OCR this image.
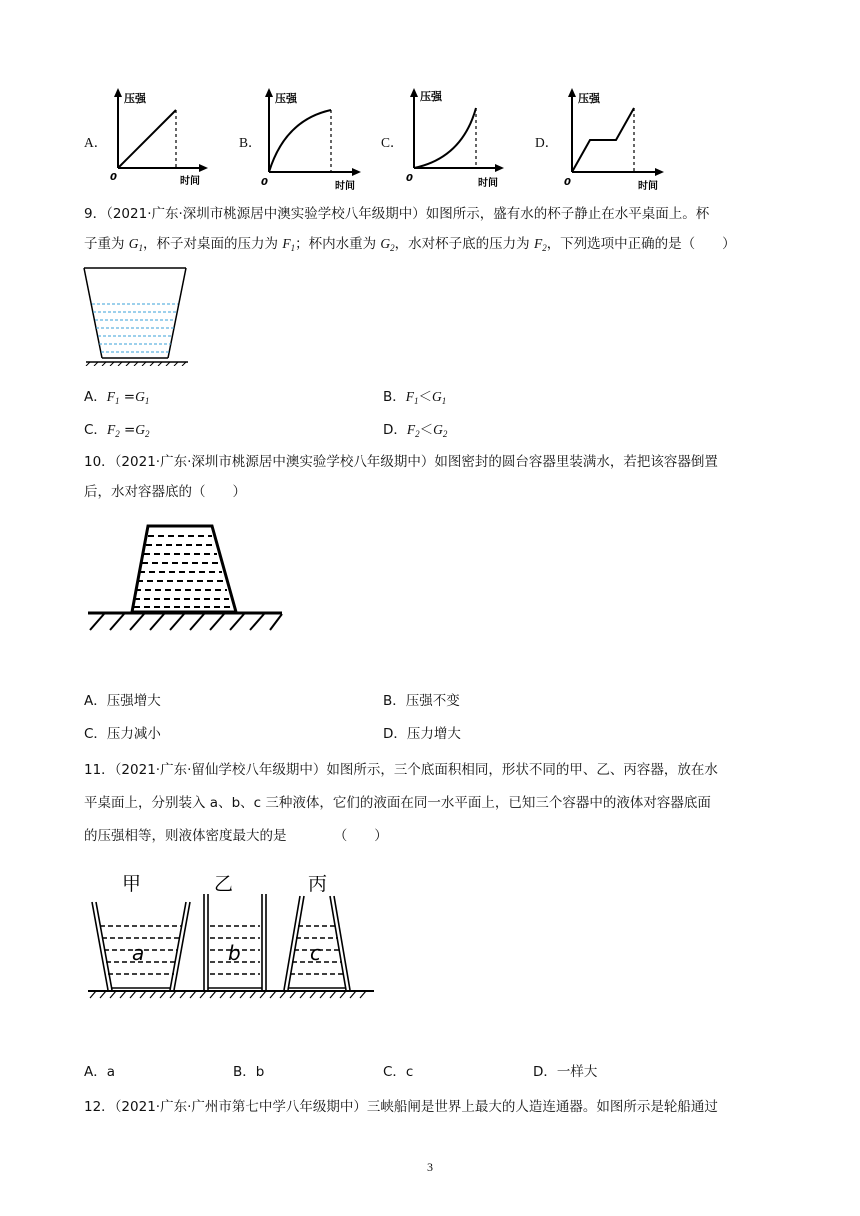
A．	B．	C．	D．
压强
0	时间
压强
0	时间
压强
0	时间
压强
0	时间
9．（2021·广东·深圳市桃源居中澳实验学校八年级期中）如图所示，盛有水的杯子静止在水平桌面上。杯
子重为 $G_1$，杯子对桌面的压力为 $F_1$；杯内水重为 $G_2$，水对杯子底的压力为 $F_2$，下列选项中正确的是（　　）
A．$F_1 =G_1$	B．$F_1<G_1$
C．$F_2 =G_2$	D．$F_2<G_2$
10．（2021·广东·深圳市桃源居中澳实验学校八年级期中）如图密封的圆台容器里装满水，若把该容器倒置
后，水对容器底的（　　）
A．压强增大	B．压强不变
C．压力减小	D．压力增大
11．（2021·广东·留仙学校八年级期中）如图所示，三个底面积相同，形状不同的甲、乙、丙容器，放在水
平桌面上，分别装入 a、b、c 三种液体，它们的液面在同一水平面上，已知三个容器中的液体对容器底面
的压强相等，则液体密度最大的是　　　　（　　）
甲	乙	丙
a	b	c
A．a	B．b	C．c	D．一样大
12．（2021·广东·广州市第七中学八年级期中）三峡船闸是世界上最大的人造连通器。如图所示是轮船通过
3
